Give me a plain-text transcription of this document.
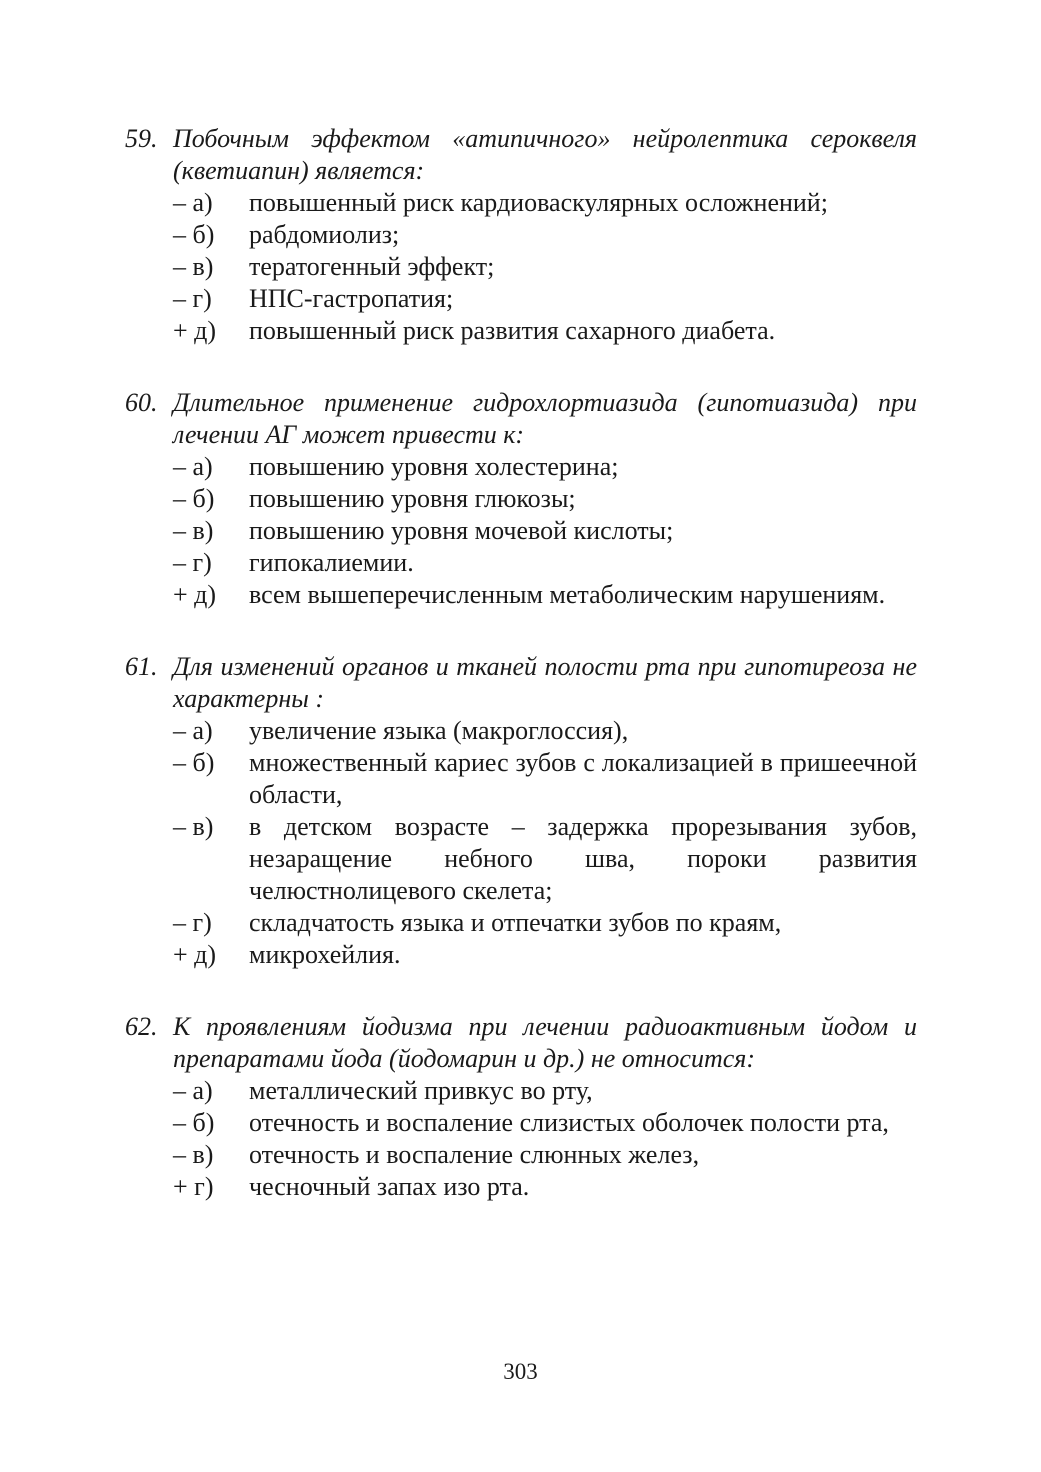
59. Побочным эффектом «атипичного» нейролептика сероквеля (кветиапин) является:
– а)	повышенный риск кардиоваскулярных осложнений;
– б)	рабдомиолиз;
– в)	тератогенный эффект;
– г)	НПС-гастропатия;
+ д)	повышенный риск развития сахарного диабета.
60. Длительное применение гидрохлортиазида (гипотиазида) при лечении АГ может привести к:
– а)	повышению уровня холестерина;
– б)	повышению уровня глюкозы;
– в)	повышению уровня мочевой кислоты;
– г)	гипокалиемии.
+ д)	всем вышеперечисленным метаболическим нарушениям.
61. Для изменений органов и тканей полости рта при гипотиреоза не характерны :
– а)	увеличение языка (макроглоссия),
– б)	множественный кариес зубов с локализацией в пришеечной области,
– в)	в детском возрасте – задержка прорезывания зубов, незаращение небного шва, пороки развития челюстнолицевого скелета;
– г)	складчатость языка и отпечатки зубов по краям,
+ д)	микрохейлия.
62. К проявлениям йодизма при лечении радиоактивным йодом и препаратами йода (йодомарин и др.) не относится:
– а)	металлический привкус во рту,
– б)	отечность и воспаление слизистых оболочек полости рта,
– в)	отечность и воспаление слюнных желез,
+ г)	чесночный запах изо рта.
303
